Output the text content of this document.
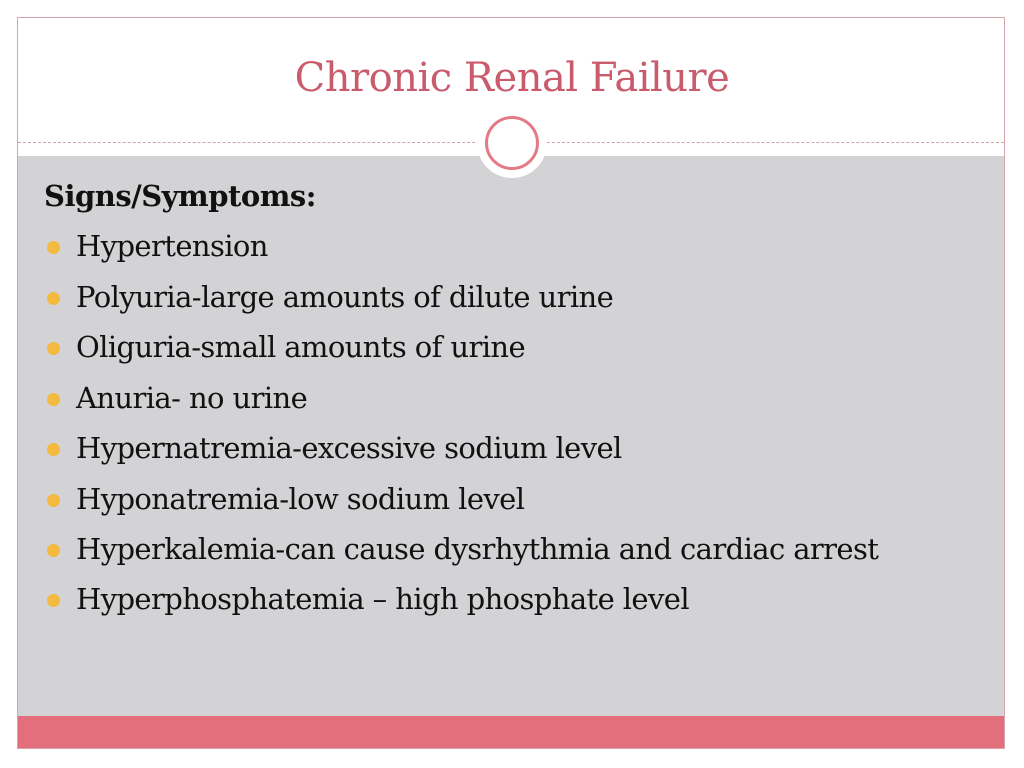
Chronic Renal Failure

Signs/Symptoms:

Hypertension
Polyuria-large amounts of dilute urine
Oliguria-small amounts of urine
Anuria- no urine
Hypernatremia-excessive sodium level
Hyponatremia-low sodium level
Hyperkalemia-can cause dysrhythmia and cardiac arrest
Hyperphosphatemia – high phosphate level
